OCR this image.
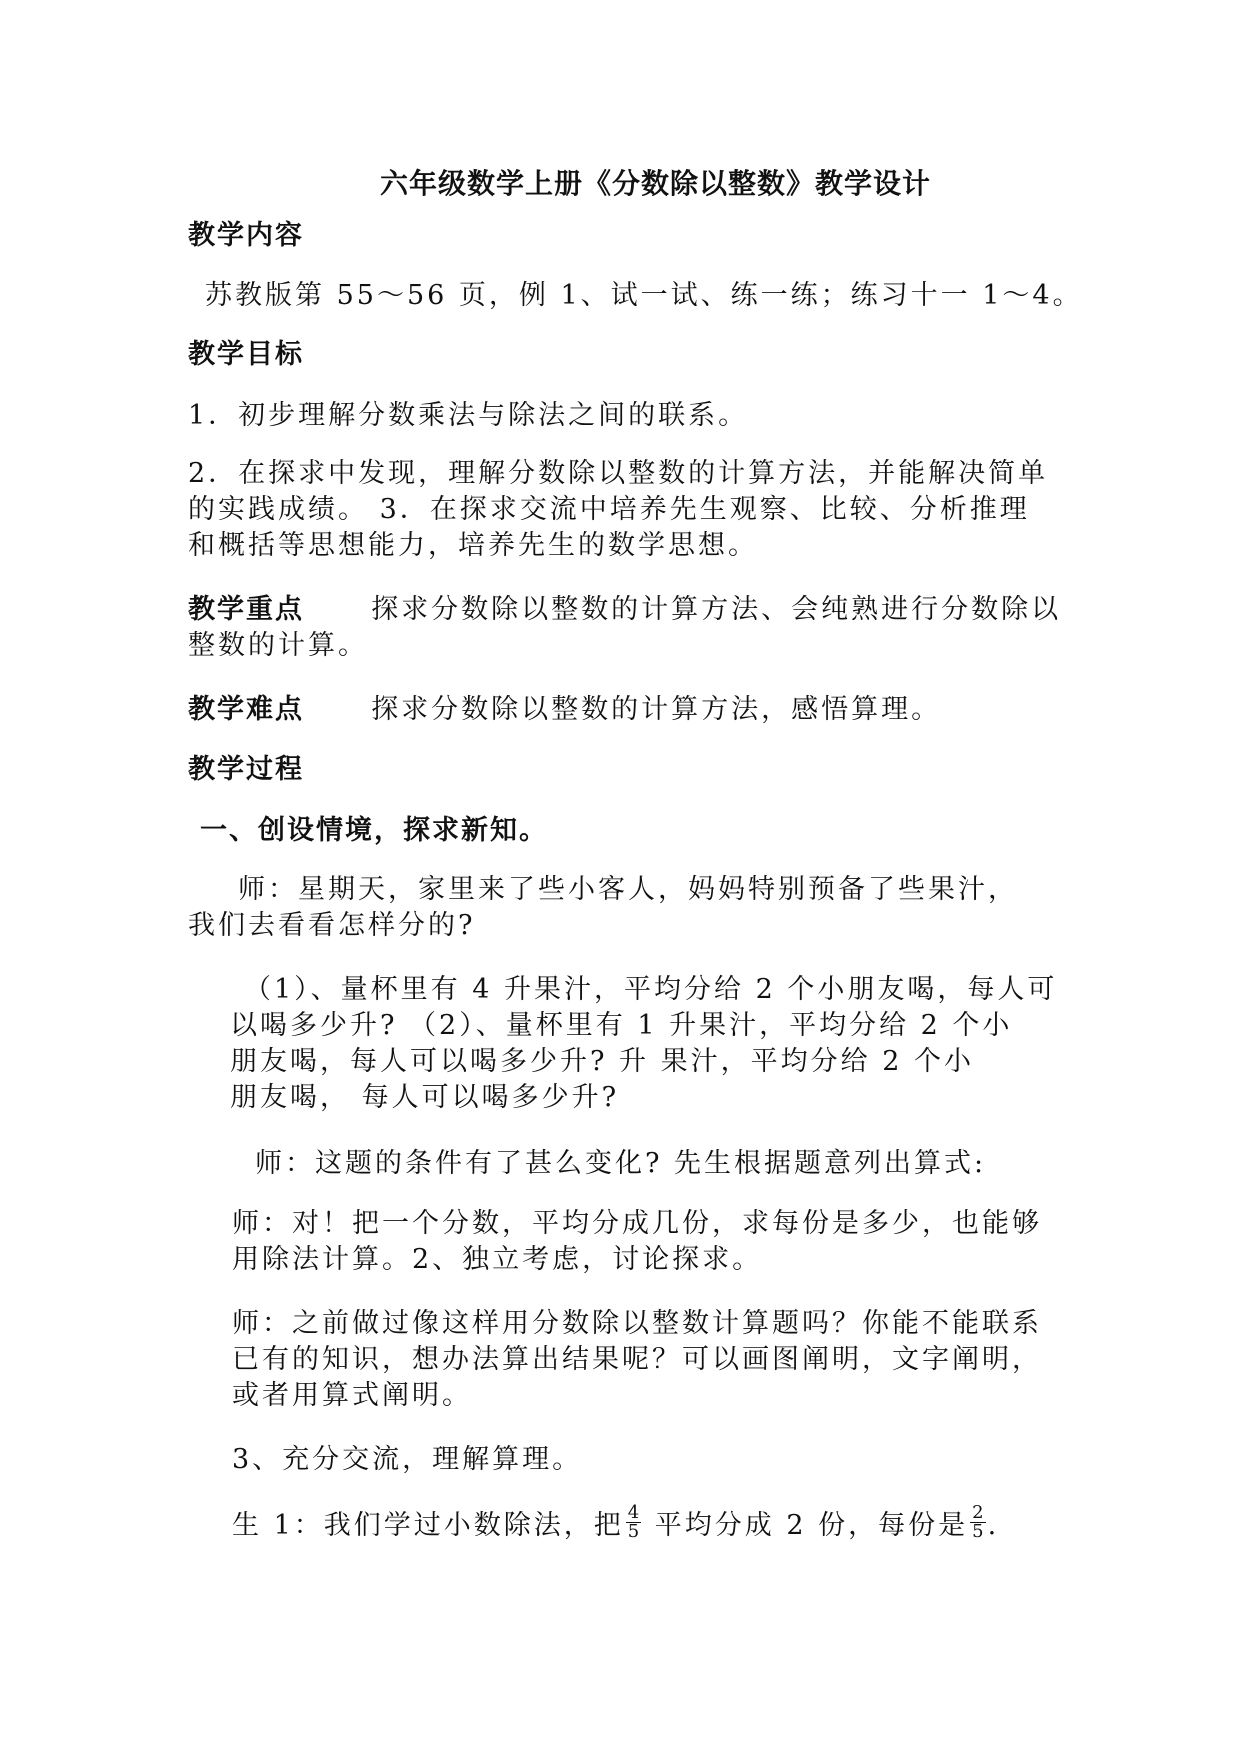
六年级数学上册《分数除以整数》教学设计
教学内容
苏教版第 55～56 页，例 1、试一试、练一练；练习十一 1～4。
教学目标
1．初步理解分数乘法与除法之间的联系。
2．在探求中发现，理解分数除以整数的计算方法，并能解决简单
的实践成绩。 3．在探求交流中培养先生观察、比较、分析推理
和概括等思想能力，培养先生的数学思想。
教学重点 探求分数除以整数的计算方法、会纯熟进行分数除以
整数的计算。
教学难点 探求分数除以整数的计算方法，感悟算理。
教学过程
一、创设情境，探求新知。
师：星期天，家里来了些小客人，妈妈特别预备了些果汁，
我们去看看怎样分的?
（1）、量杯里有 4 升果汁，平均分给 2 个小朋友喝，每人可
以喝多少升? （2）、量杯里有 1 升果汁，平均分给 2 个小
朋友喝，每人可以喝多少升? 升 果汁，平均分给 2 个小
朋友喝， 每人可以喝多少升?
师：这题的条件有了甚么变化? 先生根据题意列出算式:
师：对！把一个分数，平均分成几份，求每份是多少，也能够
用除法计算。2、独立考虑，讨论探求。
师：之前做过像这样用分数除以整数计算题吗？你能不能联系
已有的知识，想办法算出结果呢？可以画图阐明，文字阐明，
或者用算式阐明。
3、充分交流，理解算理。
生 1：我们学过小数除法，把 $\frac{4}{5}$ 平均分成 2 份，每份是 $\frac{2}{5}$ .
